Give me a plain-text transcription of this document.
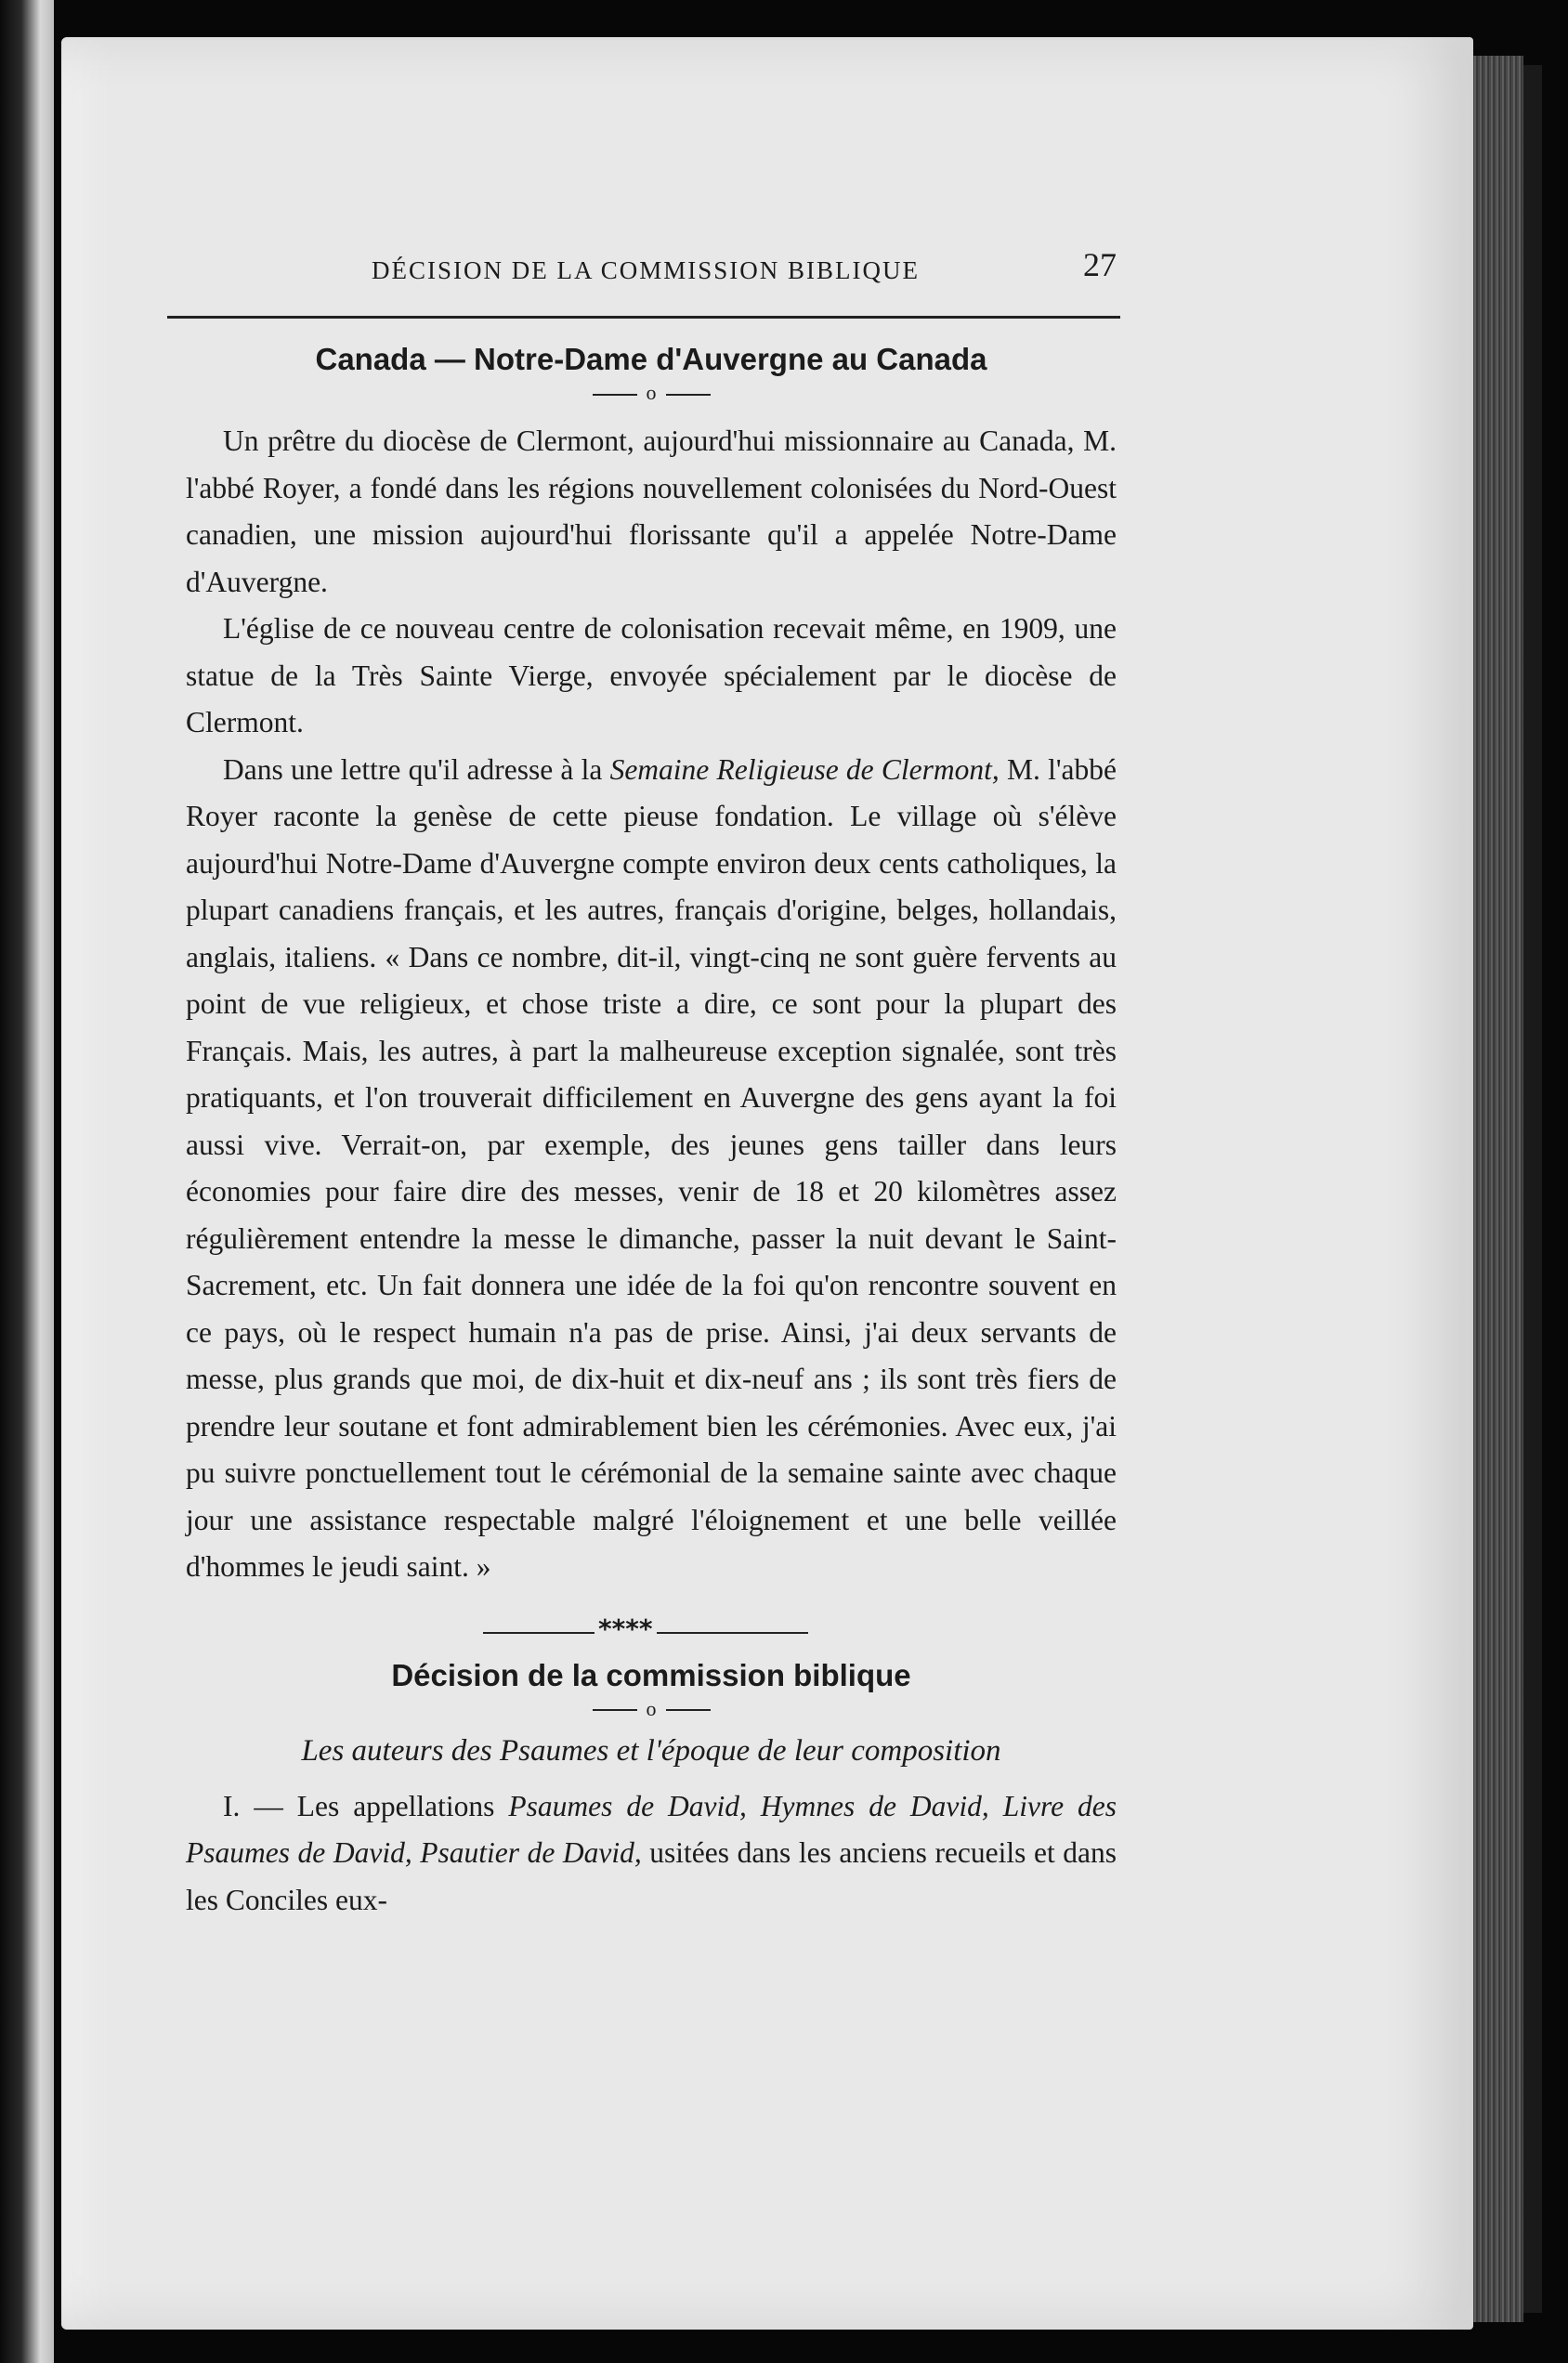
DÉCISION DE LA COMMISSION BIBLIQUE	27
Canada — Notre-Dame d'Auvergne au Canada
o

Un prêtre du diocèse de Clermont, aujourd'hui missionnaire au Canada, M. l'abbé Royer, a fondé dans les régions nouvellement colonisées du Nord-Ouest canadien, une mission aujourd'hui florissante qu'il a appelée Notre-Dame d'Auvergne.

L'église de ce nouveau centre de colonisation recevait même, en 1909, une statue de la Très Sainte Vierge, envoyée spécialement par le diocèse de Clermont.

Dans une lettre qu'il adresse à la Semaine Religieuse de Clermont, M. l'abbé Royer raconte la genèse de cette pieuse fondation. Le village où s'élève aujourd'hui Notre-Dame d'Auvergne compte environ deux cents catholiques, la plupart canadiens français, et les autres, français d'origine, belges, hollandais, anglais, italiens. « Dans ce nombre, dit-il, vingt-cinq ne sont guère fervents au point de vue religieux, et chose triste a dire, ce sont pour la plupart des Français. Mais, les autres, à part la malheureuse exception signalée, sont très pratiquants, et l'on trouverait difficilement en Auvergne des gens ayant la foi aussi vive. Verrait-on, par exemple, des jeunes gens tailler dans leurs économies pour faire dire des messes, venir de 18 et 20 kilomètres assez régulièrement entendre la messe le dimanche, passer la nuit devant le Saint-Sacrement, etc. Un fait donnera une idée de la foi qu'on rencontre souvent en ce pays, où le respect humain n'a pas de prise. Ainsi, j'ai deux servants de messe, plus grands que moi, de dix-huit et dix-neuf ans ; ils sont très fiers de prendre leur soutane et font admirablement bien les cérémonies. Avec eux, j'ai pu suivre ponctuellement tout le cérémonial de la semaine sainte avec chaque jour une assistance respectable malgré l'éloignement et une belle veillée d'hommes le jeudi saint. »

****
Décision de la commission biblique
o
Les auteurs des Psaumes et l'époque de leur composition

I. — Les appellations Psaumes de David, Hymnes de David, Livre des Psaumes de David, Psautier de David, usitées dans les anciens recueils et dans les Conciles eux-
